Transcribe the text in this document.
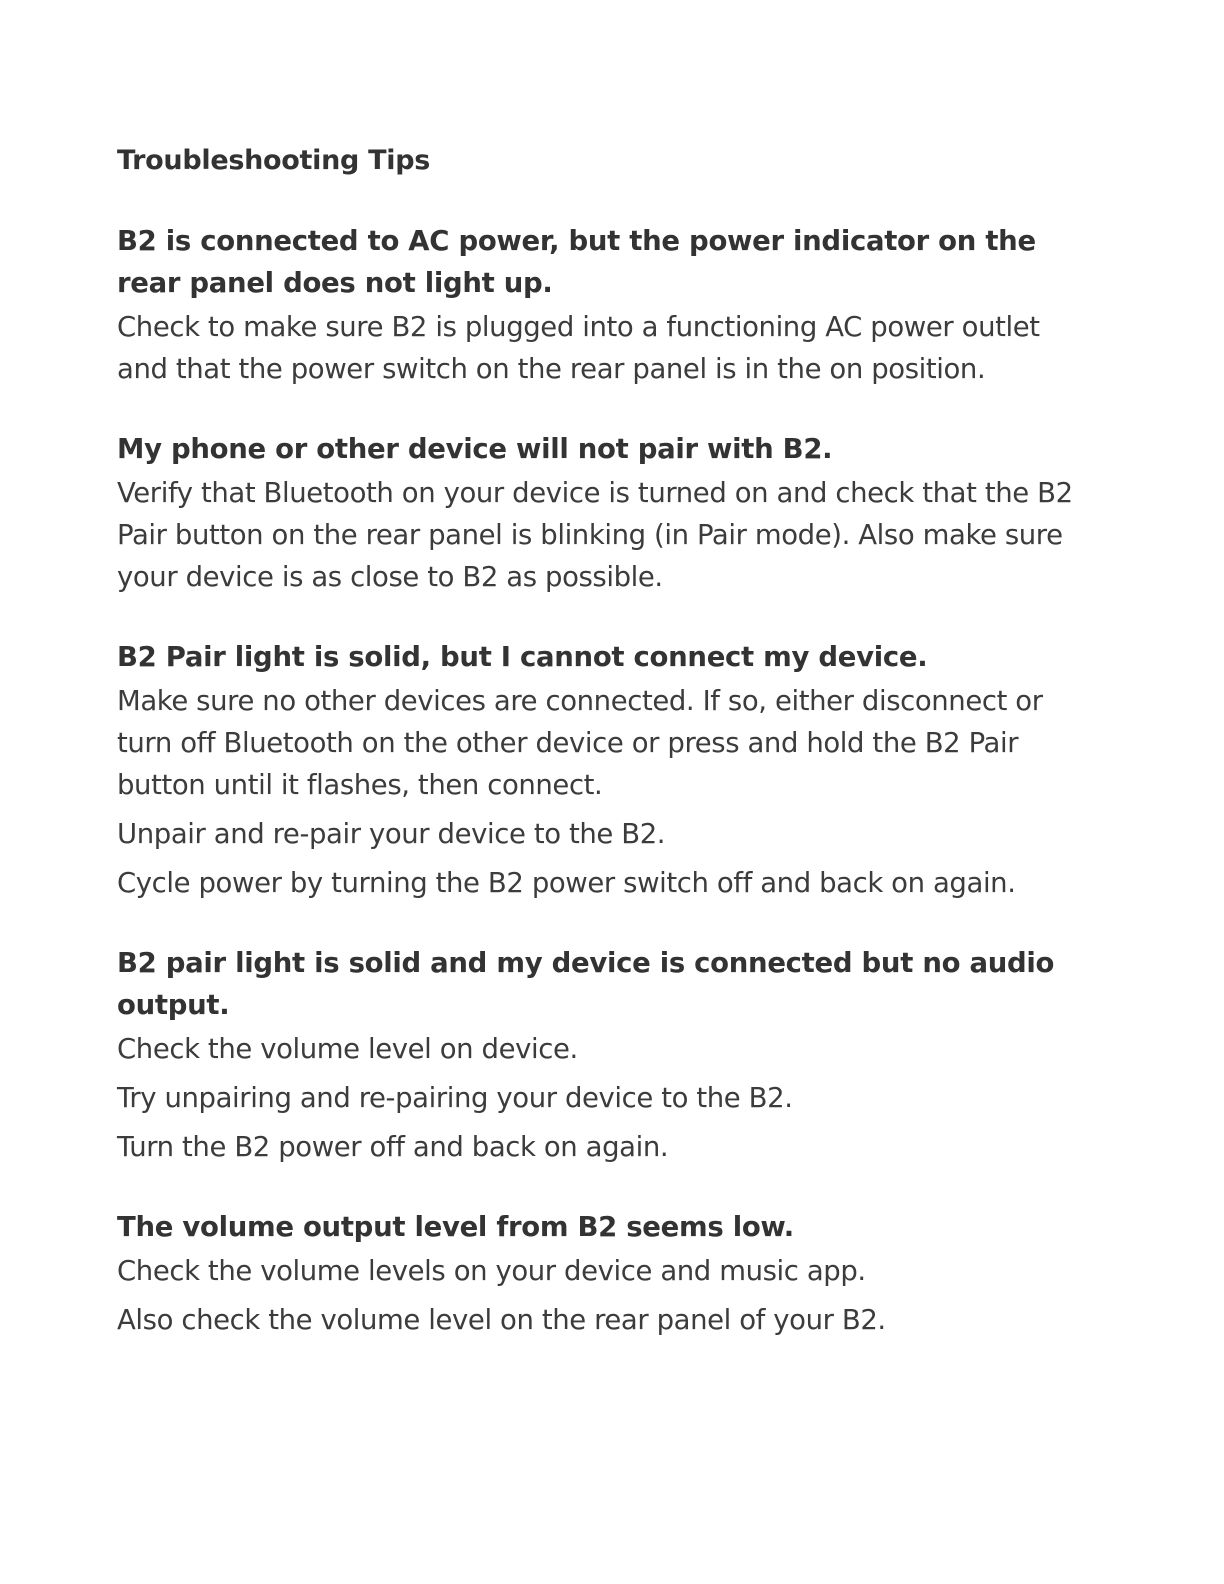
Troubleshooting Tips
B2 is connected to AC power, but the power indicator on the rear panel does not light up.

Check to make sure B2 is plugged into a functioning AC power outlet and that the power switch on the rear panel is in the on position.

My phone or other device will not pair with B2.

Verify that Bluetooth on your device is turned on and check that the B2 Pair button on the rear panel is blinking (in Pair mode). Also make sure your device is as close to B2 as possible.

B2 Pair light is solid, but I cannot connect my device.

Make sure no other devices are connected. If so, either disconnect or turn off Bluetooth on the other device or press and hold the B2 Pair button until it flashes, then connect.

Unpair and re-pair your device to the B2.

Cycle power by turning the B2 power switch off and back on again.

B2 pair light is solid and my device is connected but no audio output.

Check the volume level on device.

Try unpairing and re-pairing your device to the B2.

Turn the B2 power off and back on again.

The volume output level from B2 seems low.

Check the volume levels on your device and music app.

Also check the volume level on the rear panel of your B2.
